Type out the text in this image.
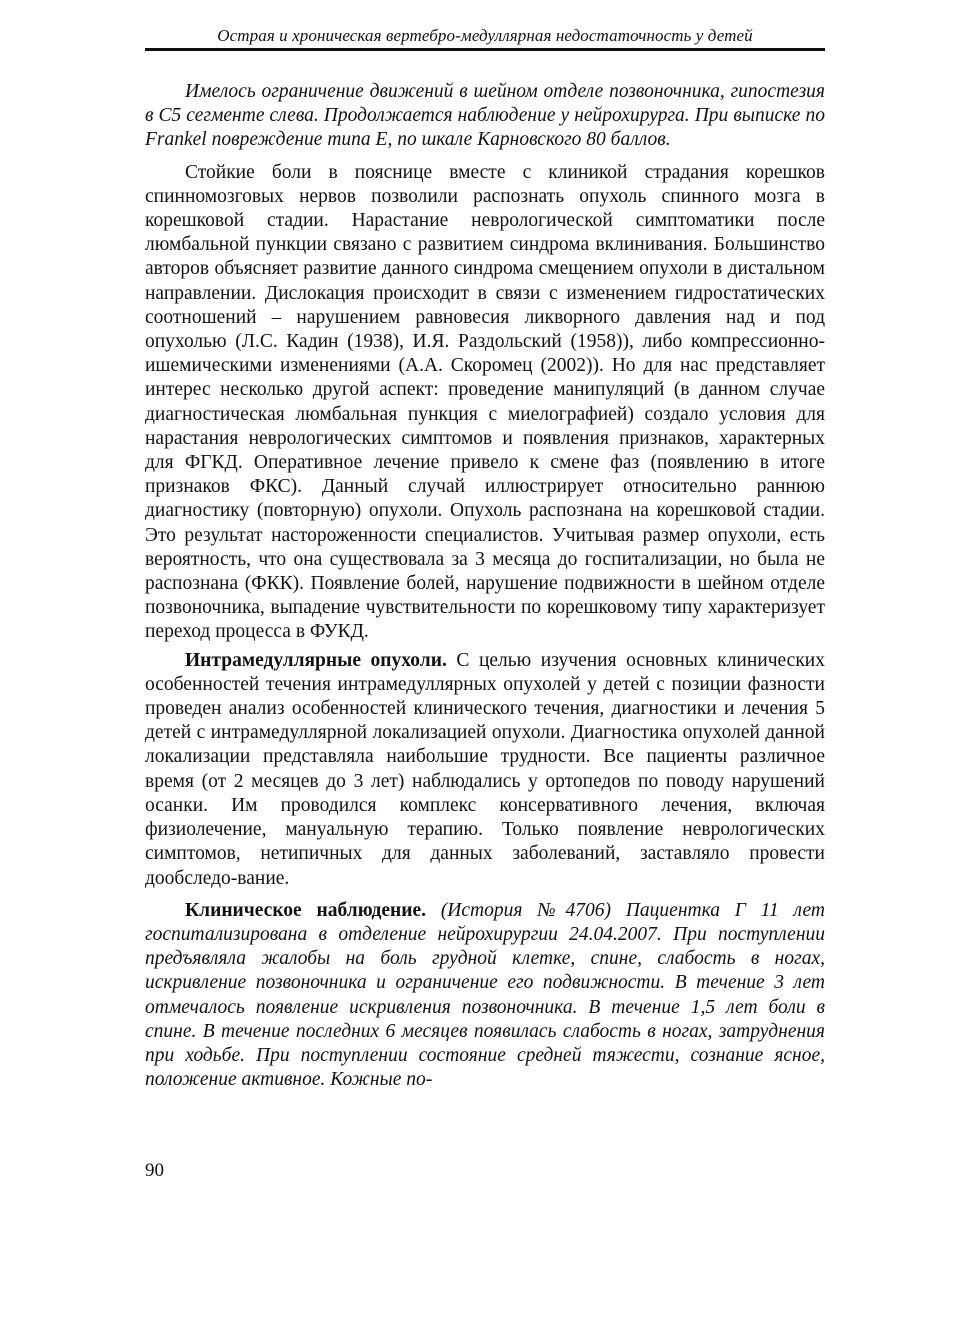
Острая и хроническая вертебро-медуллярная недостаточность у детей

Имелось ограничение движений в шейном отделе позвоночника, гипостезия в С5 сегменте слева. Продолжается наблюдение у нейрохирурга. При выписке по Frankel повреждение типа Е, по шкале Карновского 80 баллов.

Стойкие боли в пояснице вместе с клиникой страдания корешков спинномозговых нервов позволили распознать опухоль спинного мозга в корешковой стадии. Нарастание неврологической симптоматики после люмбальной пункции связано с развитием синдрома вклинивания. Большинство авторов объясняет развитие данного синдрома смещением опухоли в дистальном направлении. Дислокация происходит в связи с изменением гидростатических соотношений – нарушением равновесия ликворного давления над и под опухолью (Л.С. Кадин (1938), И.Я. Раздольский (1958)), либо компрессионно-ишемическими изменениями (А.А. Скоромец (2002)). Но для нас представляет интерес несколько другой аспект: проведение манипуляций (в данном случае диагностическая люмбальная пункция с миелографией) создало условия для нарастания неврологических симптомов и появления признаков, характерных для ФГКД. Оперативное лечение привело к смене фаз (появлению в итоге признаков ФКС). Данный случай иллюстрирует относительно раннюю диагностику (повторную) опухоли. Опухоль распознана на корешковой стадии. Это результат настороженности специалистов. Учитывая размер опухоли, есть вероятность, что она существовала за 3 месяца до госпитализации, но была не распознана (ФКК). Появление болей, нарушение подвижности в шейном отделе позвоночника, выпадение чувствительности по корешковому типу характеризует переход процесса в ФУКД.

Интрамедуллярные опухоли. С целью изучения основных клинических особенностей течения интрамедуллярных опухолей у детей с позиции фазности проведен анализ особенностей клинического течения, диагностики и лечения 5 детей с интрамедуллярной локализацией опухоли. Диагностика опухолей данной локализации представляла наибольшие трудности. Все пациенты различное время (от 2 месяцев до 3 лет) наблюдались у ортопедов по поводу нарушений осанки. Им проводился комплекс консервативного лечения, включая физиолечение, мануальную терапию. Только появление неврологических симптомов, нетипичных для данных заболеваний, заставляло провести дообследо-вание.

Клиническое наблюдение. (История №4706) Пациентка Г 11 лет госпитализирована в отделение нейрохирургии 24.04.2007. При поступлении предъявляла жалобы на боль грудной клетке, спине, слабость в ногах, искривление позвоночника и ограничение его подвижности. В течение 3 лет отмечалось появление искривления позвоночника. В течение 1,5 лет боли в спине. В течение последних 6 месяцев появилась слабость в ногах, затруднения при ходьбе. При поступлении состояние средней тяжести, сознание ясное, положение активное. Кожные по-

90
